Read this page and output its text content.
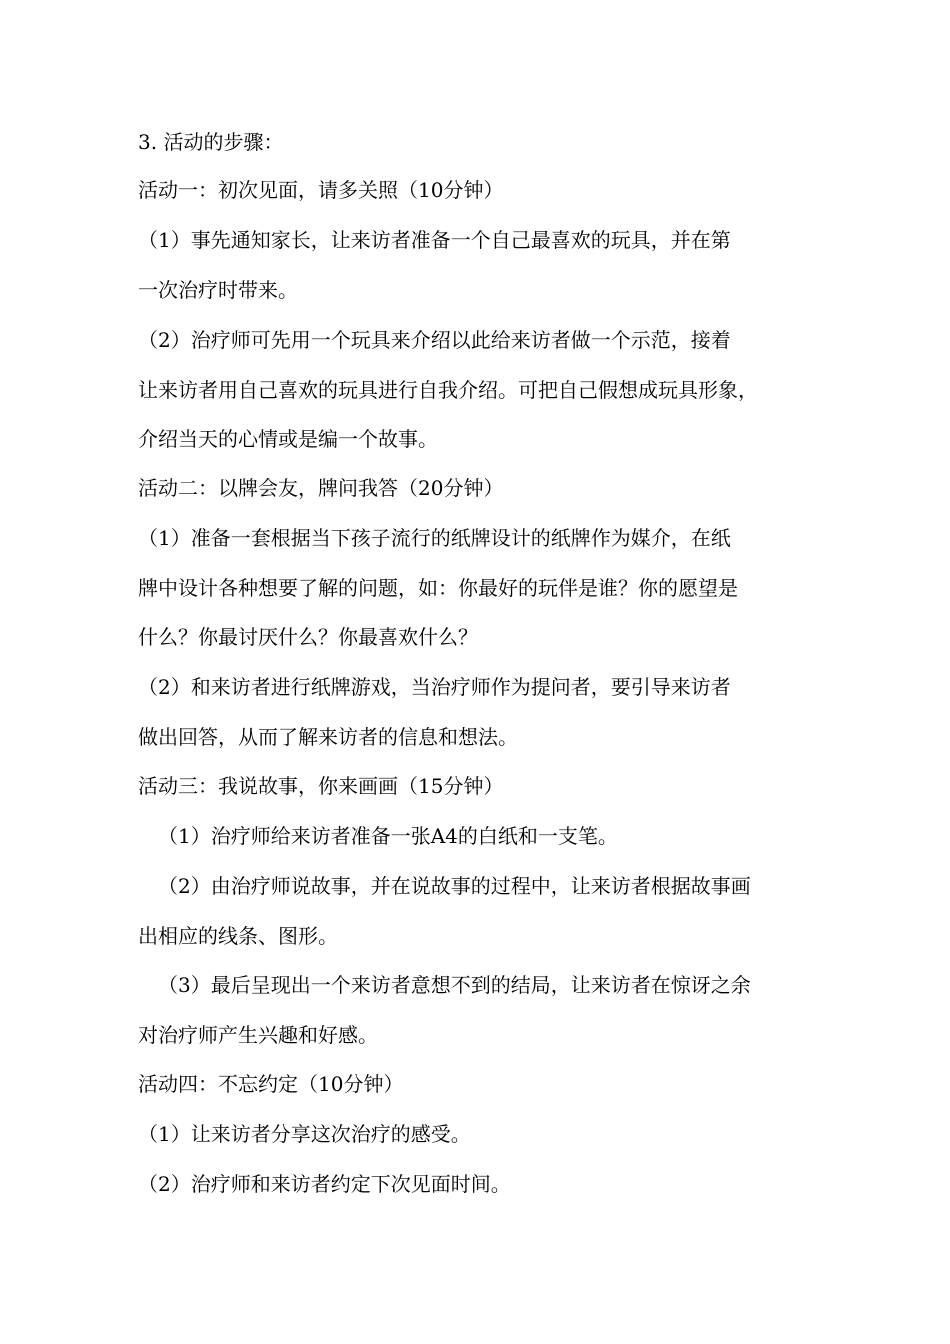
3. 活动的步骤：
活动一：初次见面，请多关照（10分钟）
（1）事先通知家长，让来访者准备一个自己最喜欢的玩具，并在第
一次治疗时带来。
（2）治疗师可先用一个玩具来介绍以此给来访者做一个示范，接着
让来访者用自己喜欢的玩具进行自我介绍。可把自己假想成玩具形象，
介绍当天的心情或是编一个故事。
活动二：以牌会友，牌问我答（20分钟）
（1）准备一套根据当下孩子流行的纸牌设计的纸牌作为媒介，在纸
牌中设计各种想要了解的问题，如：你最好的玩伴是谁？你的愿望是
什么？你最讨厌什么？你最喜欢什么？
（2）和来访者进行纸牌游戏，当治疗师作为提问者，要引导来访者
做出回答，从而了解来访者的信息和想法。
活动三：我说故事，你来画画（15分钟）
（1）治疗师给来访者准备一张A4的白纸和一支笔。
（2）由治疗师说故事，并在说故事的过程中，让来访者根据故事画
出相应的线条、图形。
（3）最后呈现出一个来访者意想不到的结局，让来访者在惊讶之余
对治疗师产生兴趣和好感。
活动四：不忘约定（10分钟）
（1）让来访者分享这次治疗的感受。
（2）治疗师和来访者约定下次见面时间。
